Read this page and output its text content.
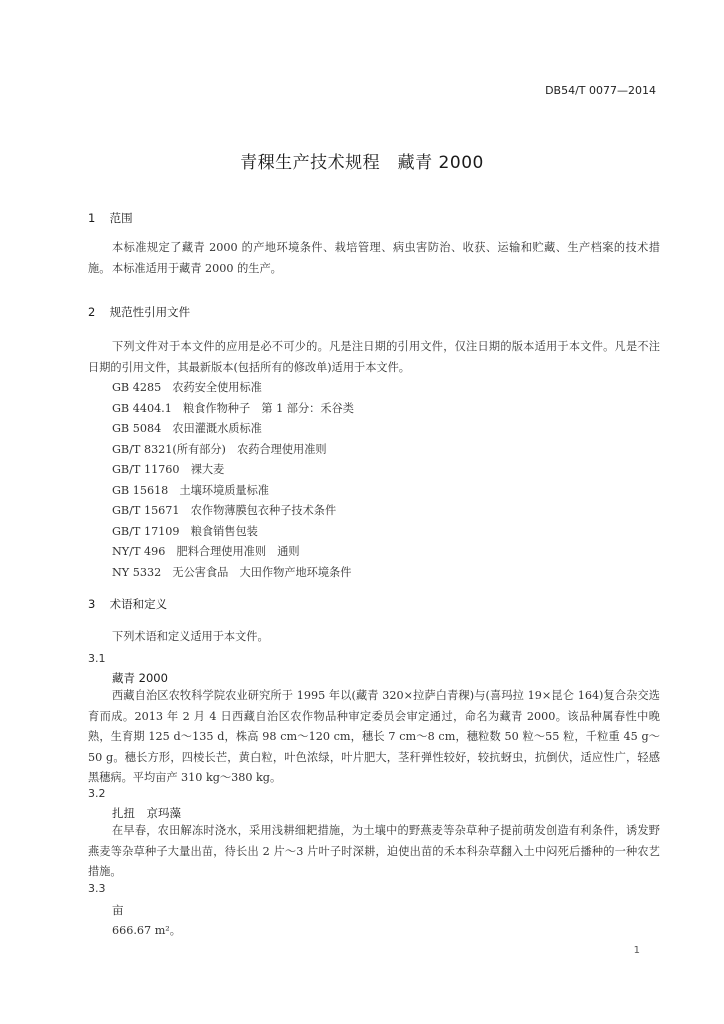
DB54/T 0077—2014
青稞生产技术规程　藏青 2000
1 范围
本标准规定了藏青 2000 的产地环境条件、栽培管理、病虫害防治、收获、运输和贮藏、生产档案的技术措施。 本标准适用于藏青 2000 的生产。
2 规范性引用文件
下列文件对于本文件的应用是必不可少的。凡是注日期的引用文件，仅注日期的版本适用于本文件。凡是不注日期的引用文件，其最新版本(包括所有的修改单)适用于本文件。
GB 4285　农药安全使用标准
GB 4404.1　粮食作物种子　第 1 部分：禾谷类
GB 5084　农田灌溉水质标准
GB/T 8321(所有部分)　农药合理使用准则
GB/T 11760　裸大麦
GB 15618　土壤环境质量标准
GB/T 15671　农作物薄膜包衣种子技术条件
GB/T 17109　粮食销售包装
NY/T 496　肥料合理使用准则　通则
NY 5332　无公害食品　大田作物产地环境条件
3 术语和定义
下列术语和定义适用于本文件。
3.1
藏青 2000
西藏自治区农牧科学院农业研究所于 1995 年以(藏青 320×拉萨白青稞)与(喜玛拉 19×昆仑 164)复合杂交选育而成。2013 年 2 月 4 日西藏自治区农作物品种审定委员会审定通过，命名为藏青 2000。该品种属春性中晚熟，生育期 125 d～135 d，株高 98 cm～120 cm，穗长 7 cm～8 cm，穗粒数 50 粒～55 粒，千粒重 45 g～50 g。穗长方形，四棱长芒，黄白粒，叶色浓绿，叶片肥大，茎秆弹性较好，较抗蚜虫，抗倒伏，适应性广，轻感黑穗病。平均亩产 310 kg～380 kg。
3.2
扎扭　京玛藻
在早春，农田解冻时浇水，采用浅耕细耙措施，为土壤中的野燕麦等杂草种子提前萌发创造有利条件，诱发野燕麦等杂草种子大量出苗，待长出 2 片～3 片叶子时深耕，迫使出苗的禾本科杂草翻入土中闷死后播种的一种农艺措施。
3.3
亩
666.67 m²。
1
